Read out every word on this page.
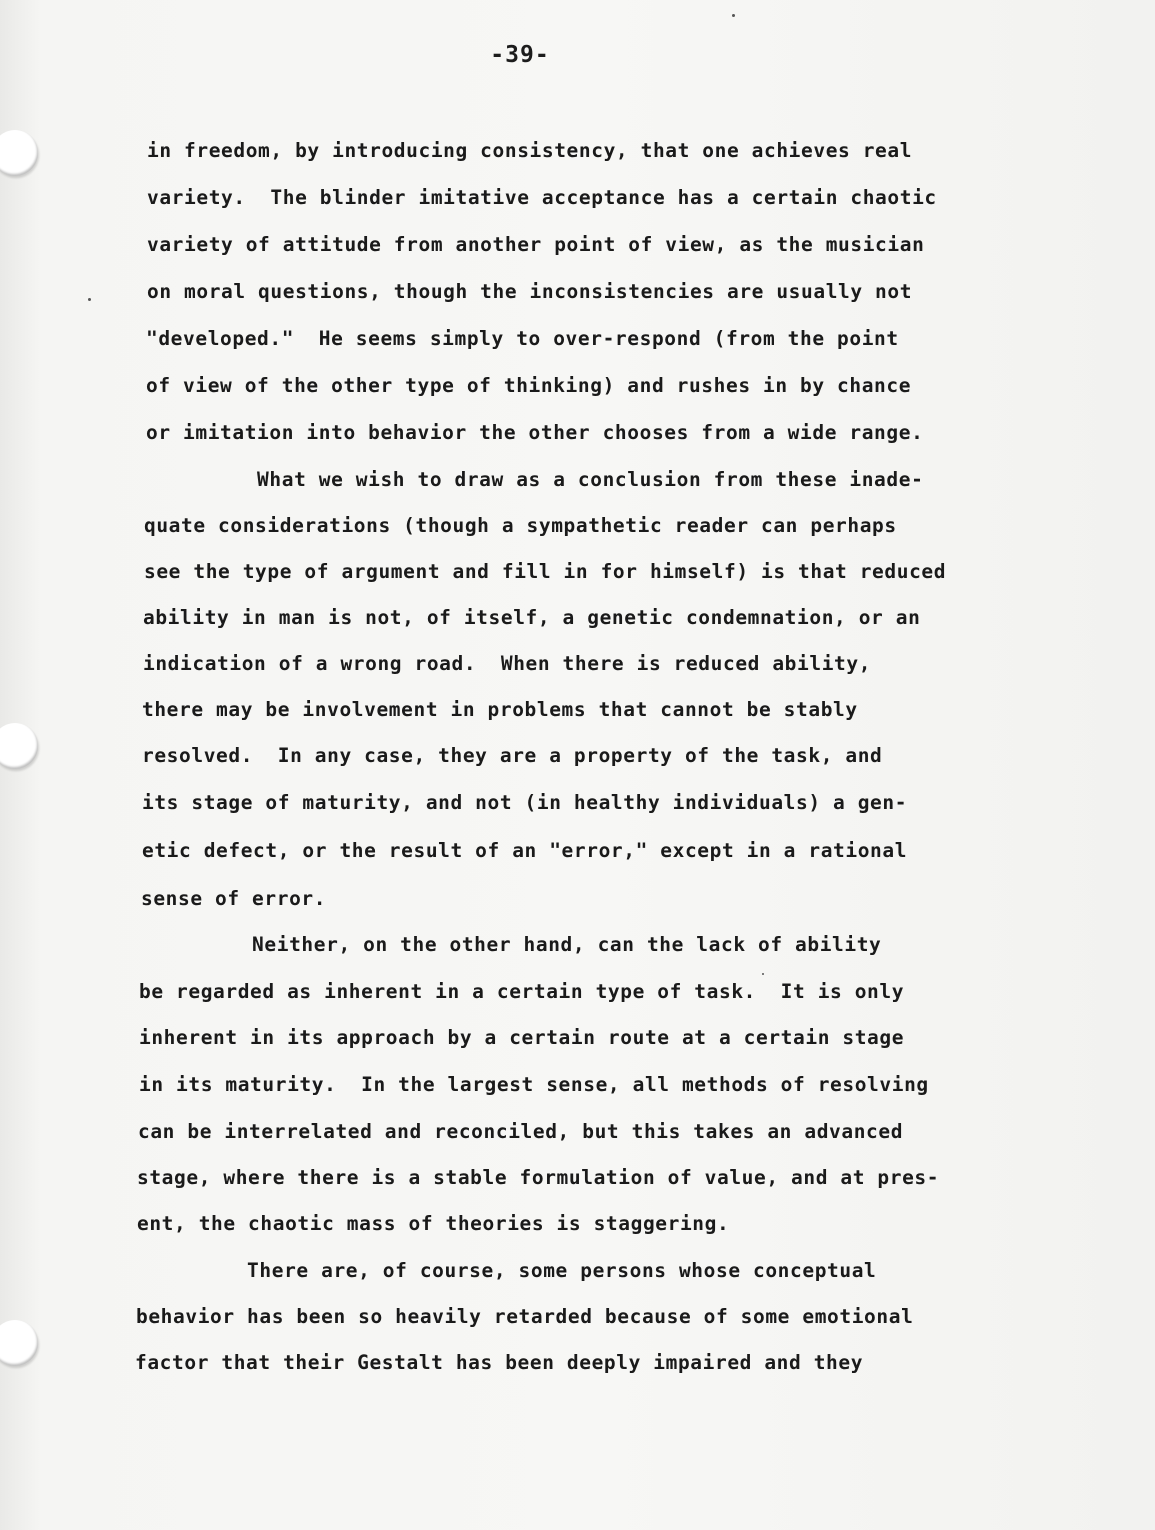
-39-
in freedom, by introducing consistency, that one achieves real
variety.  The blinder imitative acceptance has a certain chaotic
variety of attitude from another point of view, as the musician
on moral questions, though the inconsistencies are usually not
"developed."  He seems simply to over-respond (from the point
of view of the other type of thinking) and rushes in by chance
or imitation into behavior the other chooses from a wide range.
What we wish to draw as a conclusion from these inade-
quate considerations (though a sympathetic reader can perhaps
see the type of argument and fill in for himself) is that reduced
ability in man is not, of itself, a genetic condemnation, or an
indication of a wrong road.  When there is reduced ability,
there may be involvement in problems that cannot be stably
resolved.  In any case, they are a property of the task, and
its stage of maturity, and not (in healthy individuals) a gen-
etic defect, or the result of an "error," except in a rational
sense of error.
Neither, on the other hand, can the lack of ability
be regarded as inherent in a certain type of task.  It is only
inherent in its approach by a certain route at a certain stage
in its maturity.  In the largest sense, all methods of resolving
can be interrelated and reconciled, but this takes an advanced
stage, where there is a stable formulation of value, and at pres-
ent, the chaotic mass of theories is staggering.
There are, of course, some persons whose conceptual
behavior has been so heavily retarded because of some emotional
factor that their Gestalt has been deeply impaired and they
